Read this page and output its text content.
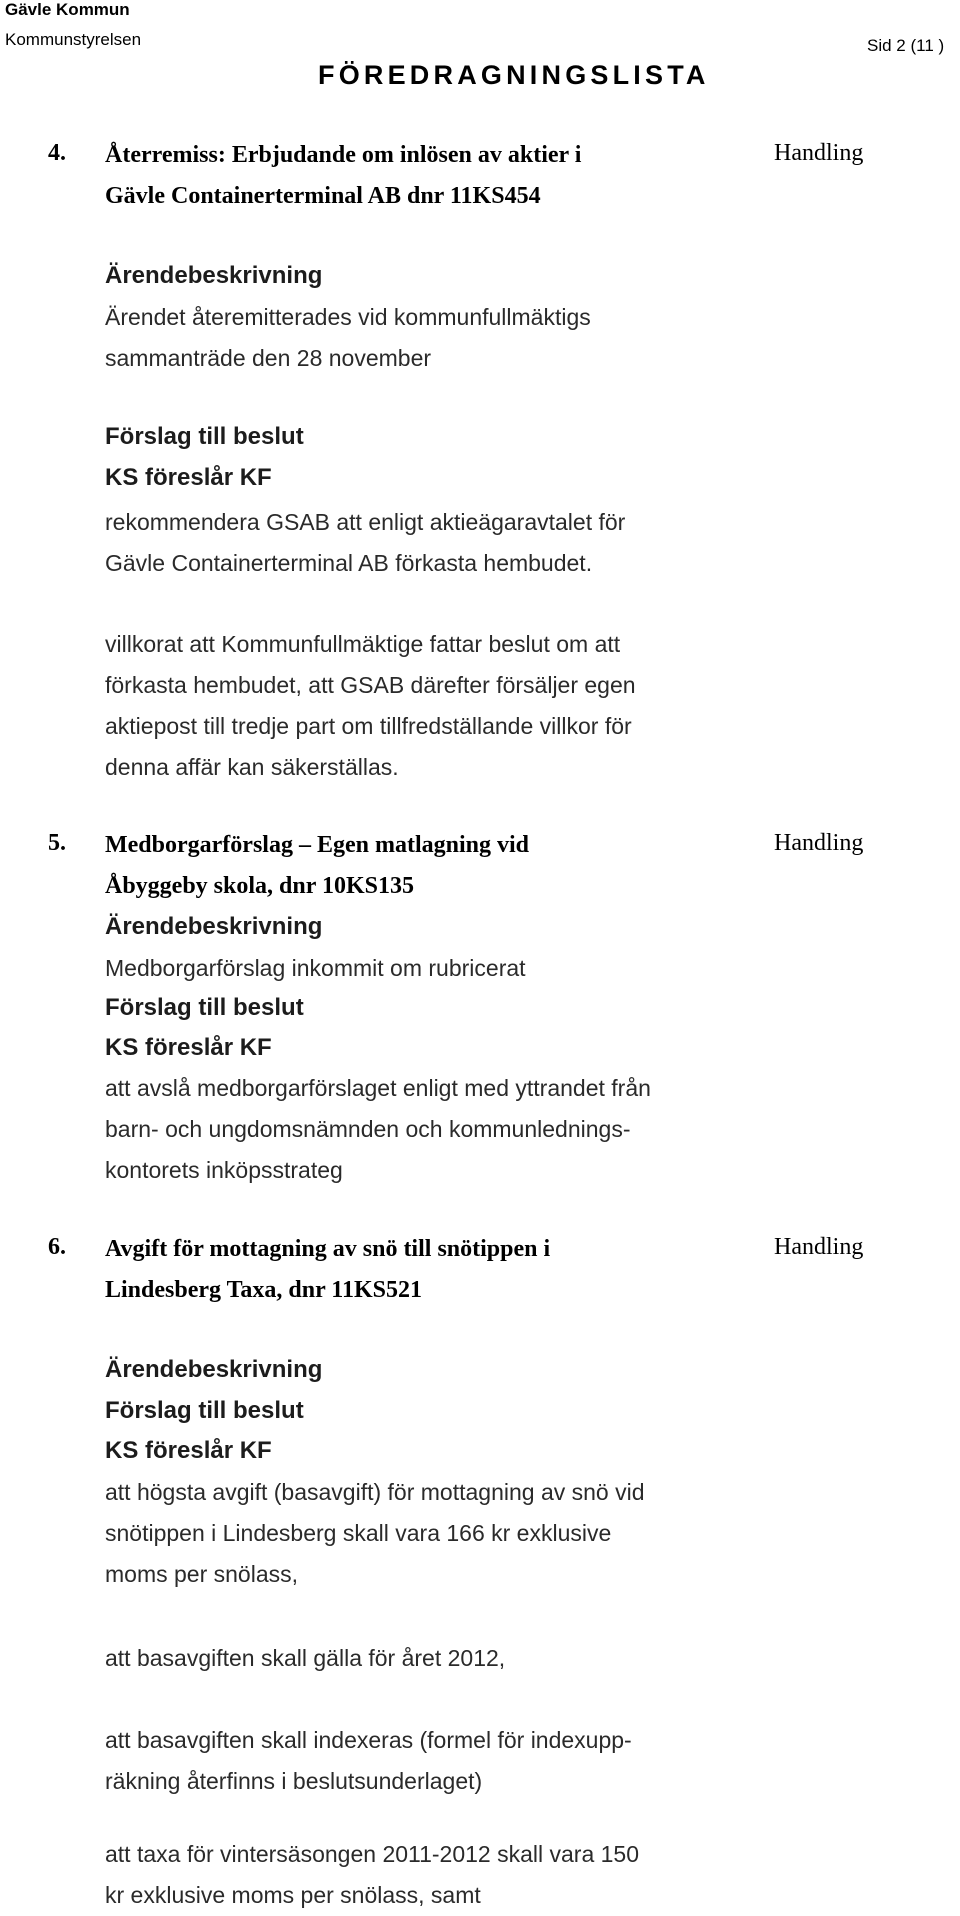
Gävle Kommun
Kommunstyrelsen	Sid 2 (11 )
FÖREDRAGNINGSLISTA
4. Återremiss: Erbjudande om inlösen av aktier i
Gävle Containerterminal AB dnr 11KS454
Handling
Ärendebeskrivning
Ärendet återemitterades vid kommunfullmäktigs
sammanträde den 28 november
Förslag till beslut
KS föreslår KF
rekommendera GSAB att enligt aktieägaravtalet för
Gävle Containerterminal AB förkasta hembudet.
villkorat att Kommunfullmäktige fattar beslut om att
förkasta hembudet, att GSAB därefter försäljer egen
aktiepost till tredje part om tillfredställande villkor för
denna affär kan säkerställas.
5. Medborgarförslag – Egen matlagning vid
Åbyggeby skola, dnr 10KS135
Handling
Ärendebeskrivning
Medborgarförslag inkommit om rubricerat
Förslag till beslut
KS föreslår KF
att avslå medborgarförslaget enligt med yttrandet från
barn- och ungdomsnämnden och kommunlednings-
kontorets inköpsstrateg
6. Avgift för mottagning av snö till snötippen i
Lindesberg Taxa, dnr 11KS521
Handling
Ärendebeskrivning
Förslag till beslut
KS föreslår KF
att högsta avgift (basavgift) för mottagning av snö vid
snötippen i Lindesberg skall vara 166 kr exklusive
moms per snölass,
att basavgiften skall gälla för året 2012,
att basavgiften skall indexeras (formel för indexupp-
räkning återfinns i beslutsunderlaget)
att taxa för vintersäsongen 2011-2012 skall vara 150
kr exklusive moms per snölass, samt
